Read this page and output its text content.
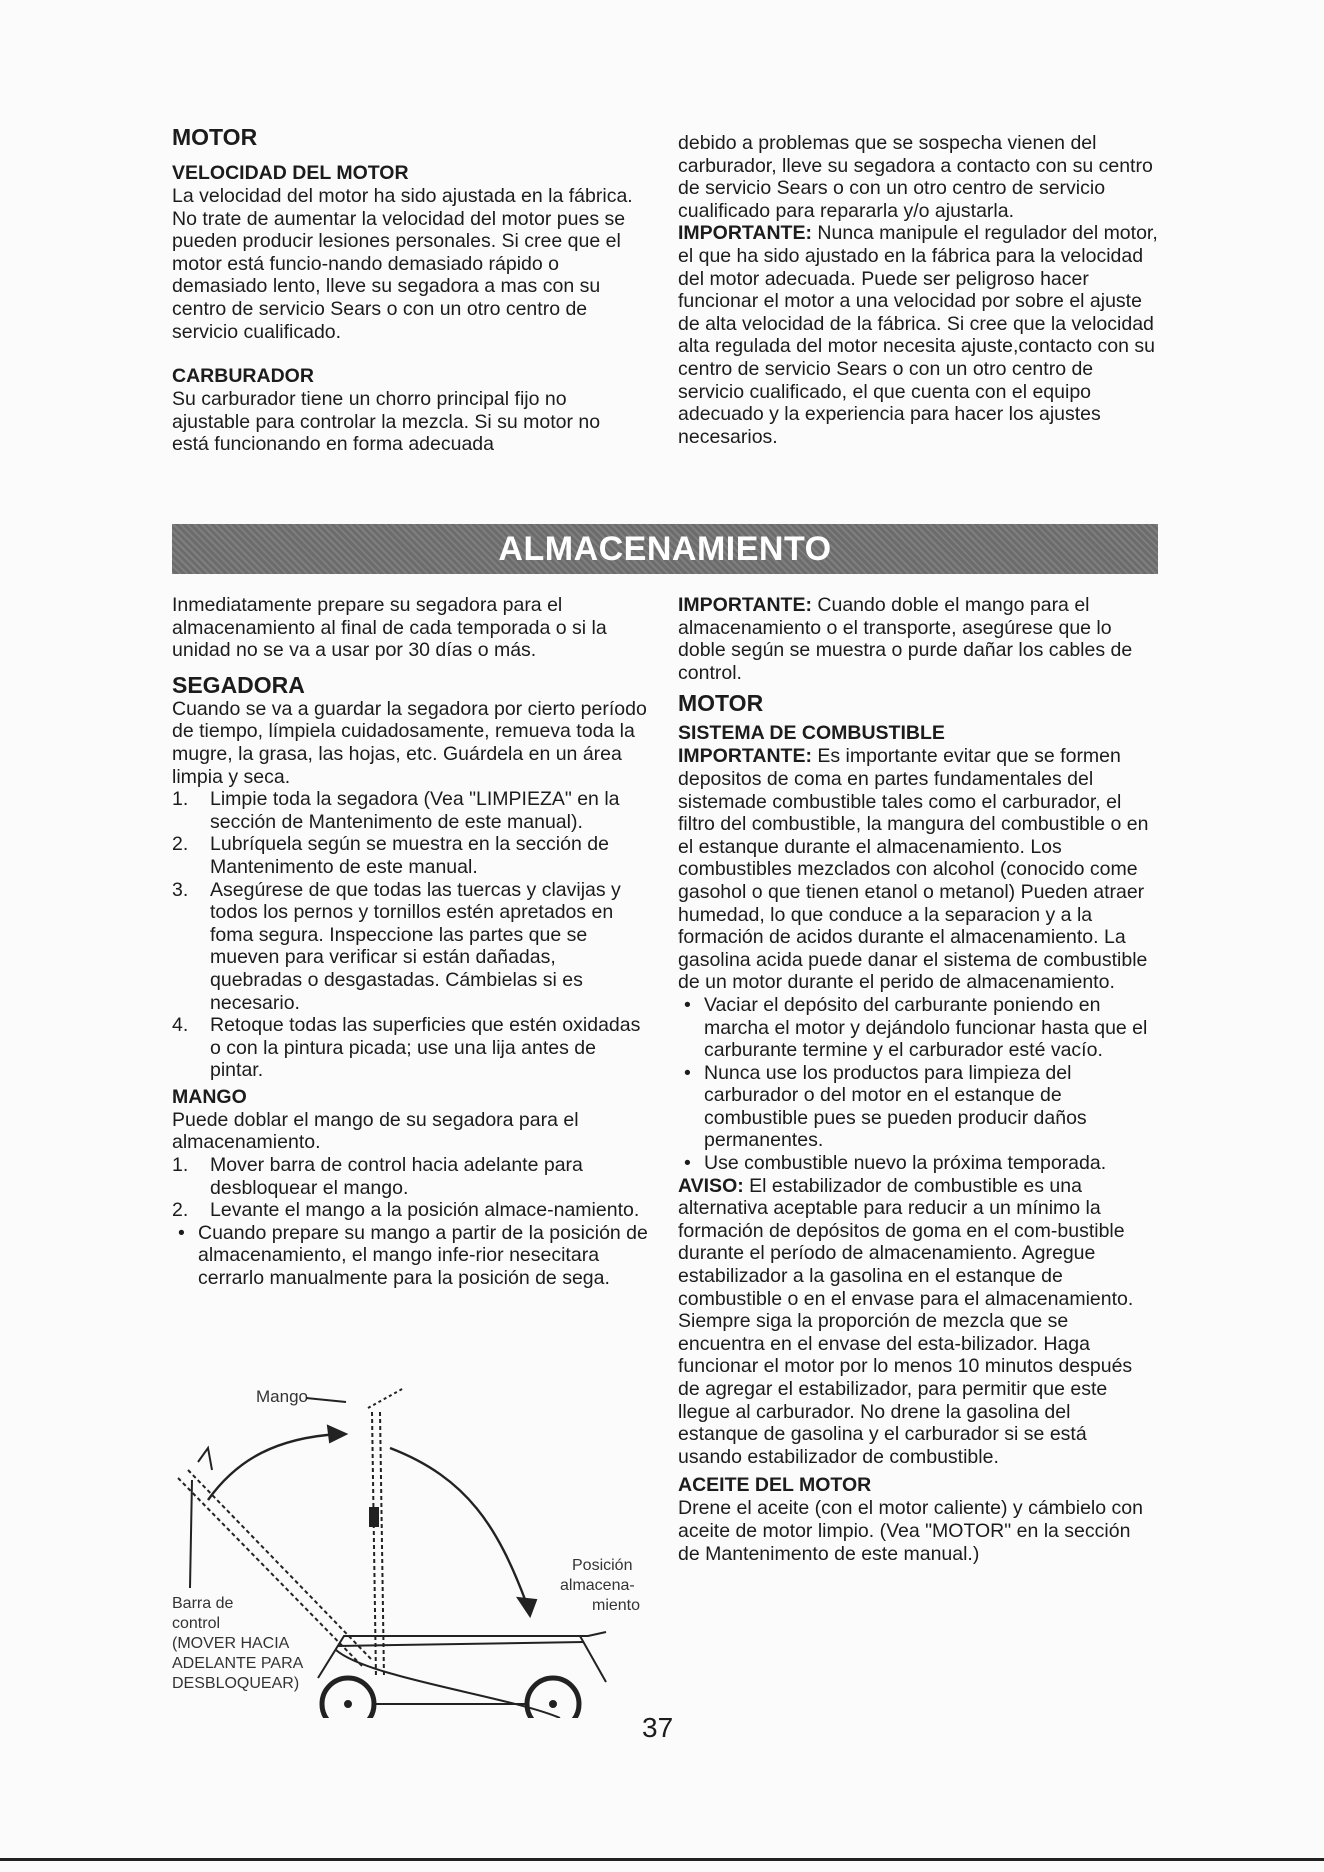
MOTOR
VELOCIDAD DEL MOTOR

La velocidad del motor ha sido ajustada en la fábrica. No trate de aumentar la velocidad del motor pues se pueden producir lesiones personales. Si cree que el motor está funcio-nando demasiado rápido o demasiado lento, lleve su segadora a mas con su centro de servicio Sears o con un otro centro de servicio cualificado.

CARBURADOR

Su carburador tiene un chorro principal fijo no ajustable para controlar la mezcla. Si su motor no está funcionando en forma adecuada

debido a problemas que se sospecha vienen del carburador, lleve su segadora a contacto con su centro de servicio Sears o con un otro centro de servicio cualificado para repararla y/o ajustarla.

IMPORTANTE: Nunca manipule el regulador del motor, el que ha sido ajustado en la fábrica para la velocidad del motor adecuada. Puede ser peligroso hacer funcionar el motor a una velocidad por sobre el ajuste de alta velocidad de la fábrica. Si cree que la velocidad alta regulada del motor necesita ajuste,contacto con su centro de servicio Sears o con un otro centro de servicio cualificado, el que cuenta con el equipo adecuado y la experiencia para hacer los ajustes necesarios.

ALMACENAMIENTO

Inmediatamente prepare su segadora para el almacenamiento al final de cada temporada o si la unidad no se va a usar por 30 días o más.

SEGADORA

Cuando se va a guardar la segadora por cierto período de tiempo, límpiela cuidadosamente, remueva toda la mugre, la grasa, las hojas, etc. Guárdela en un área limpia y seca.

1. Limpie toda la segadora (Vea "LIMPIEZA" en la sección de Mantenimento de este manual).
2. Lubríquela según se muestra en la sección de Mantenimento de este manual.
3. Asegúrese de que todas las tuercas y clavijas y todos los pernos y tornillos estén apretados en foma segura. Inspeccione las partes que se mueven para verificar si están dañadas, quebradas o desgastadas. Cámbielas si es necesario.
4. Retoque todas las superficies que estén oxidadas o con la pintura picada; use una lija antes de pintar.
MANGO

Puede doblar el mango de su segadora para el almacenamiento.

1. Mover barra de control hacia adelante para desbloquear el mango.
2. Levante el mango a la posición almace-namiento.
• Cuando prepare su mango a partir de la posición de almacenamiento, el mango infe-rior nesecitara cerrarlo manualmente para la posición de sega.
Mango
Posición
almacena-
miento
Barra de
control
(MOVER HACIA
ADELANTE PARA
DESBLOQUEAR)

IMPORTANTE: Cuando doble el mango para el almacenamiento o el transporte, asegúrese que lo doble según se muestra o purde dañar los cables de control.

MOTOR
SISTEMA DE COMBUSTIBLE

IMPORTANTE: Es importante evitar que se formen depositos de coma en partes fundamentales del sistemade combustible tales como el carburador, el filtro del combustible, la mangura del combustible o en el estanque durante el almacenamiento. Los combustibles mezclados con alcohol (conocido come gasohol o que tienen etanol o metanol) Pueden atraer humedad, lo que conduce a la separacion y a la formación de acidos durante el almacenamiento. La gasolina acida puede danar el sistema de combustible de un motor durante el perido de almacenamiento.

• Vaciar el depósito del carburante poniendo en marcha el motor y dejándolo funcionar hasta que el carburante termine y el carburador esté vacío.
• Nunca use los productos para limpieza del carburador o del motor en el estanque de combustible pues se pueden producir daños permanentes.
• Use combustible nuevo la próxima temporada.

AVISO: El estabilizador de combustible es una alternativa aceptable para reducir a un mínimo la formación de depósitos de goma en el com-bustible durante el período de almacenamiento. Agregue estabilizador a la gasolina en el estanque de combustible o en el envase para el almacenamiento. Siempre siga la proporción de mezcla que se encuentra en el envase del esta-bilizador. Haga funcionar el motor por lo menos 10 minutos después de agregar el estabilizador, para permitir que este llegue al carburador. No drene la gasolina del estanque de gasolina y el carburador si se está usando estabilizador de combustible.

ACEITE DEL MOTOR

Drene el aceite (con el motor caliente) y cámbielo con aceite de motor limpio. (Vea "MOTOR" en la sección de Mantenimento de este manual.)

37
